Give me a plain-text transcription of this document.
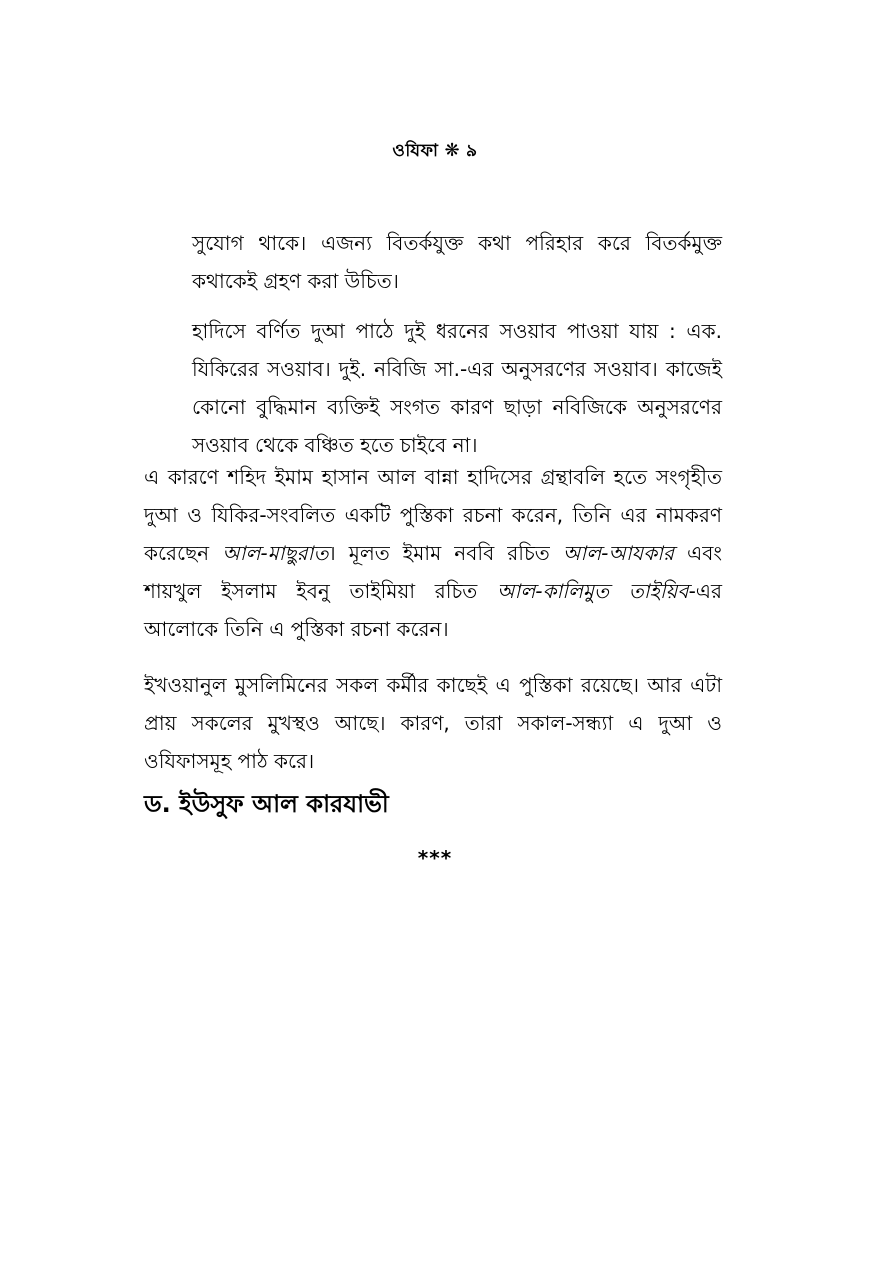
ওযিফা ❋ ৯

সুযোগ থাকে। এজন্য বিতর্কযুক্ত কথা পরিহার করে বিতর্কমুক্ত কথাকেই গ্রহণ করা উচিত।

হাদিসে বর্ণিত দুআ পাঠে দুই ধরনের সওয়াব পাওয়া যায় : এক. যিকিরের সওয়াব। দুই. নবিজি সা.-এর অনুসরণের সওয়াব। কাজেই কোনো বুদ্ধিমান ব্যক্তিই সংগত কারণ ছাড়া নবিজিকে অনুসরণের সওয়াব থেকে বঞ্চিত হতে চাইবে না।

এ কারণে শহিদ ইমাম হাসান আল বান্না হাদিসের গ্রন্থাবলি হতে সংগৃহীত দুআ ও যিকির-সংবলিত একটি পুস্তিকা রচনা করেন, তিনি এর নামকরণ করেছেন আল-মাছুরাত। মূলত ইমাম নববি রচিত আল-আযকার এবং শায়খুল ইসলাম ইবনু তাইমিয়া রচিত আল-কালিমুত তাইয়িব-এর আলোকে তিনি এ পুস্তিকা রচনা করেন।

ইখওয়ানুল মুসলিমিনের সকল কর্মীর কাছেই এ পুস্তিকা রয়েছে। আর এটা প্রায় সকলের মুখস্থও আছে। কারণ, তারা সকাল-সন্ধ্যা এ দুআ ও ওযিফাসমূহ পাঠ করে।

ড. ইউসুফ আল কারযাভী
***
